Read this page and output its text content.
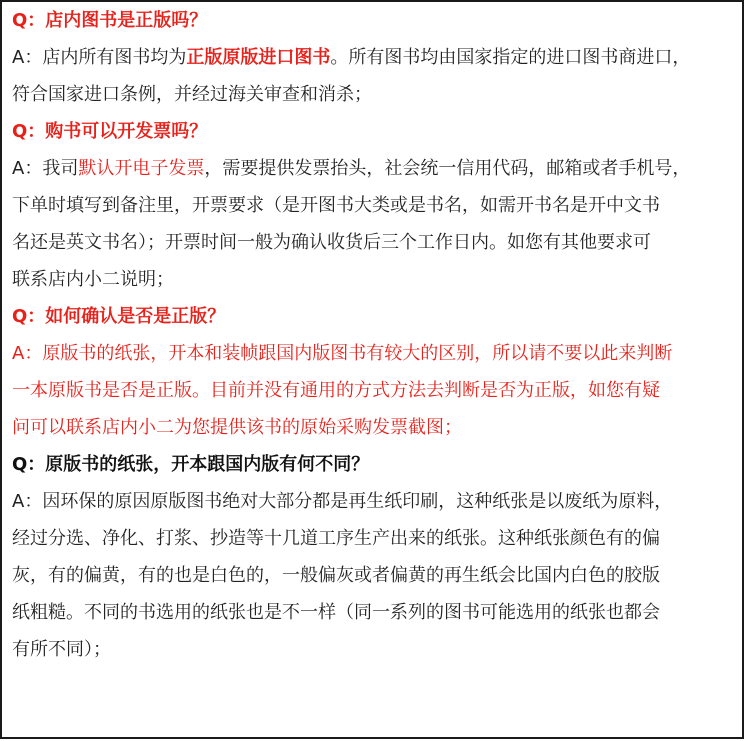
Q：店内图书是正版吗？
A：店内所有图书均为正版原版进口图书。所有图书均由国家指定的进口图书商进口，
符合国家进口条例，并经过海关审查和消杀；
Q：购书可以开发票吗？
A：我司默认开电子发票，需要提供发票抬头，社会统一信用代码，邮箱或者手机号，
下单时填写到备注里，开票要求（是开图书大类或是书名，如需开书名是开中文书
名还是英文书名）；开票时间一般为确认收货后三个工作日内。如您有其他要求可
联系店内小二说明；
Q：如何确认是否是正版？
A：原版书的纸张，开本和装帧跟国内版图书有较大的区别，所以请不要以此来判断
一本原版书是否是正版。目前并没有通用的方式方法去判断是否为正版，如您有疑
问可以联系店内小二为您提供该书的原始采购发票截图；
Q：原版书的纸张，开本跟国内版有何不同？
A：因环保的原因原版图书绝对大部分都是再生纸印刷，这种纸张是以废纸为原料，
经过分选、净化、打浆、抄造等十几道工序生产出来的纸张。这种纸张颜色有的偏
灰，有的偏黄，有的也是白色的，一般偏灰或者偏黄的再生纸会比国内白色的胶版
纸粗糙。不同的书选用的纸张也是不一样（同一系列的图书可能选用的纸张也都会
有所不同）；
